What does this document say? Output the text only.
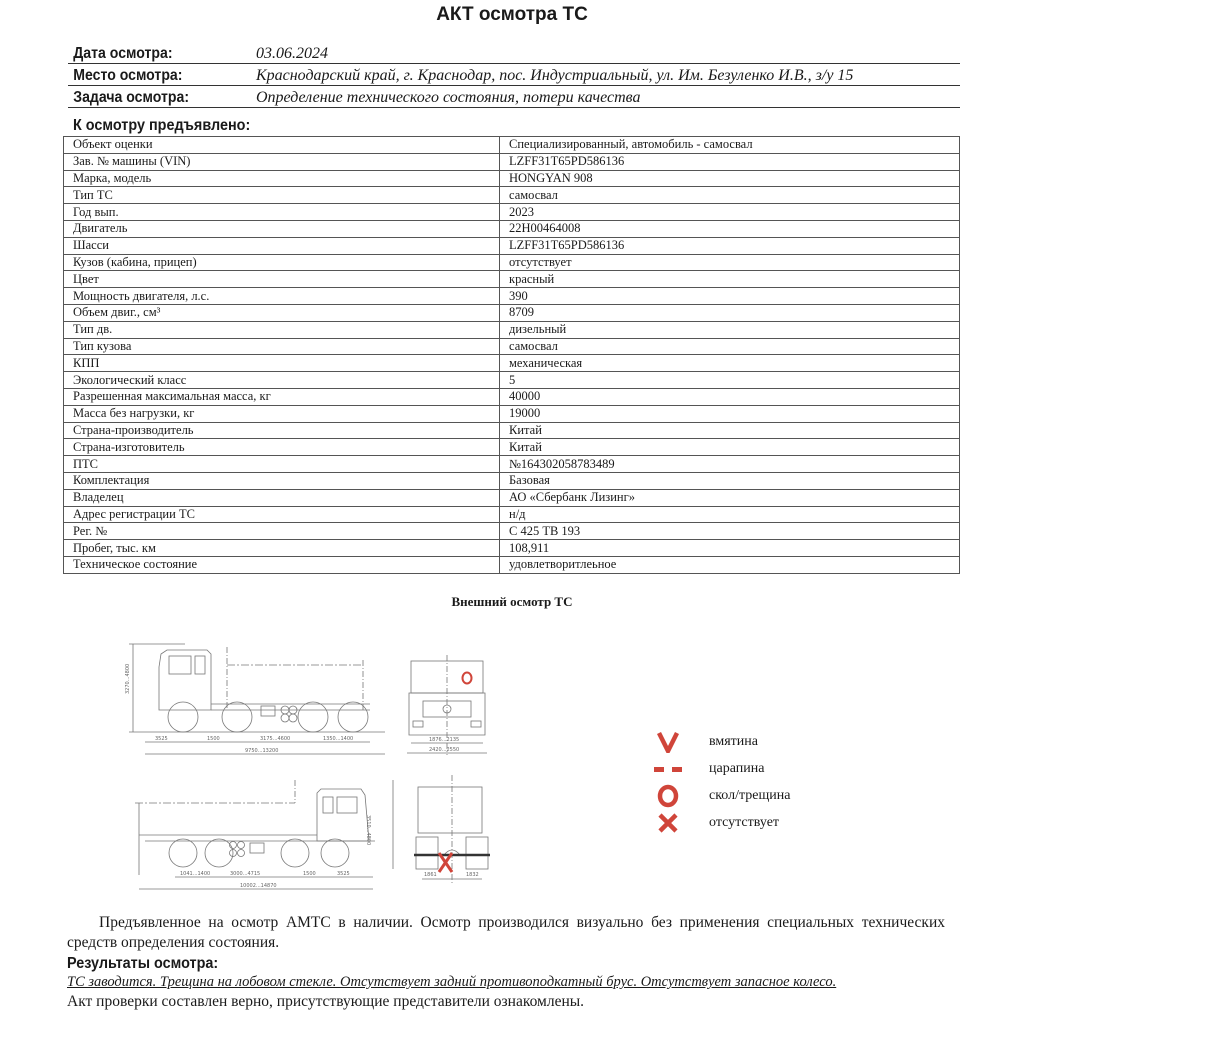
АКТ осмотра ТС
Дата осмотра:	03.06.2024
Место осмотра:	Краснодарский край, г. Краснодар, пос. Индустриальный, ул. Им. Безуленко И.В., з/у 15
Задача осмотра:	Определение технического состояния, потери качества
К осмотру предъявлено:
Объект оценки	Специализированный, автомобиль - самосвал
Зав. № машины (VIN)	LZFF31T65PD586136
Марка, модель	HONGYAN 908
Тип ТС	самосвал
Год вып.	2023
Двигатель	22H00464008
Шасси	LZFF31T65PD586136
Кузов (кабина, прицеп)	отсутствует
Цвет	красный
Мощность двигателя, л.с.	390
Объем двиг., см³	8709
Тип дв.	дизельный
Тип кузова	самосвал
КПП	механическая
Экологический класс	5
Разрешенная максимальная масса, кг	40000
Масса без нагрузки, кг	19000
Страна-производитель	Китай
Страна-изготовитель	Китай
ПТС	№164302058783489
Комплектация	Базовая
Владелец	АО «Сбербанк Лизинг»
Адрес регистрации ТС	н/д
Рег. №	С 425 ТВ 193
Пробег, тыс. км	108,911
Техническое состояние	удовлетворитлеьное
Внешний осмотр ТС
3270...4800
3525	1500	3175...4600	1350...1400
9750...13200
1876...2135
2420...2550
3510...4800
1041...1400	3000...4715	1500	3525
10002...14870
1861	1832
вмятина
царапина
скол/трещина
отсутствует
Предъявленное на осмотр АМТС в наличии. Осмотр производился визуально без применения специальных технических средств определения состояния.
Результаты осмотра:
ТС заводится. Трещина на лобовом стекле. Отсутствует задний противоподкатный брус. Отсутствует запасное колесо.
Акт проверки составлен верно, присутствующие представители ознакомлены.
